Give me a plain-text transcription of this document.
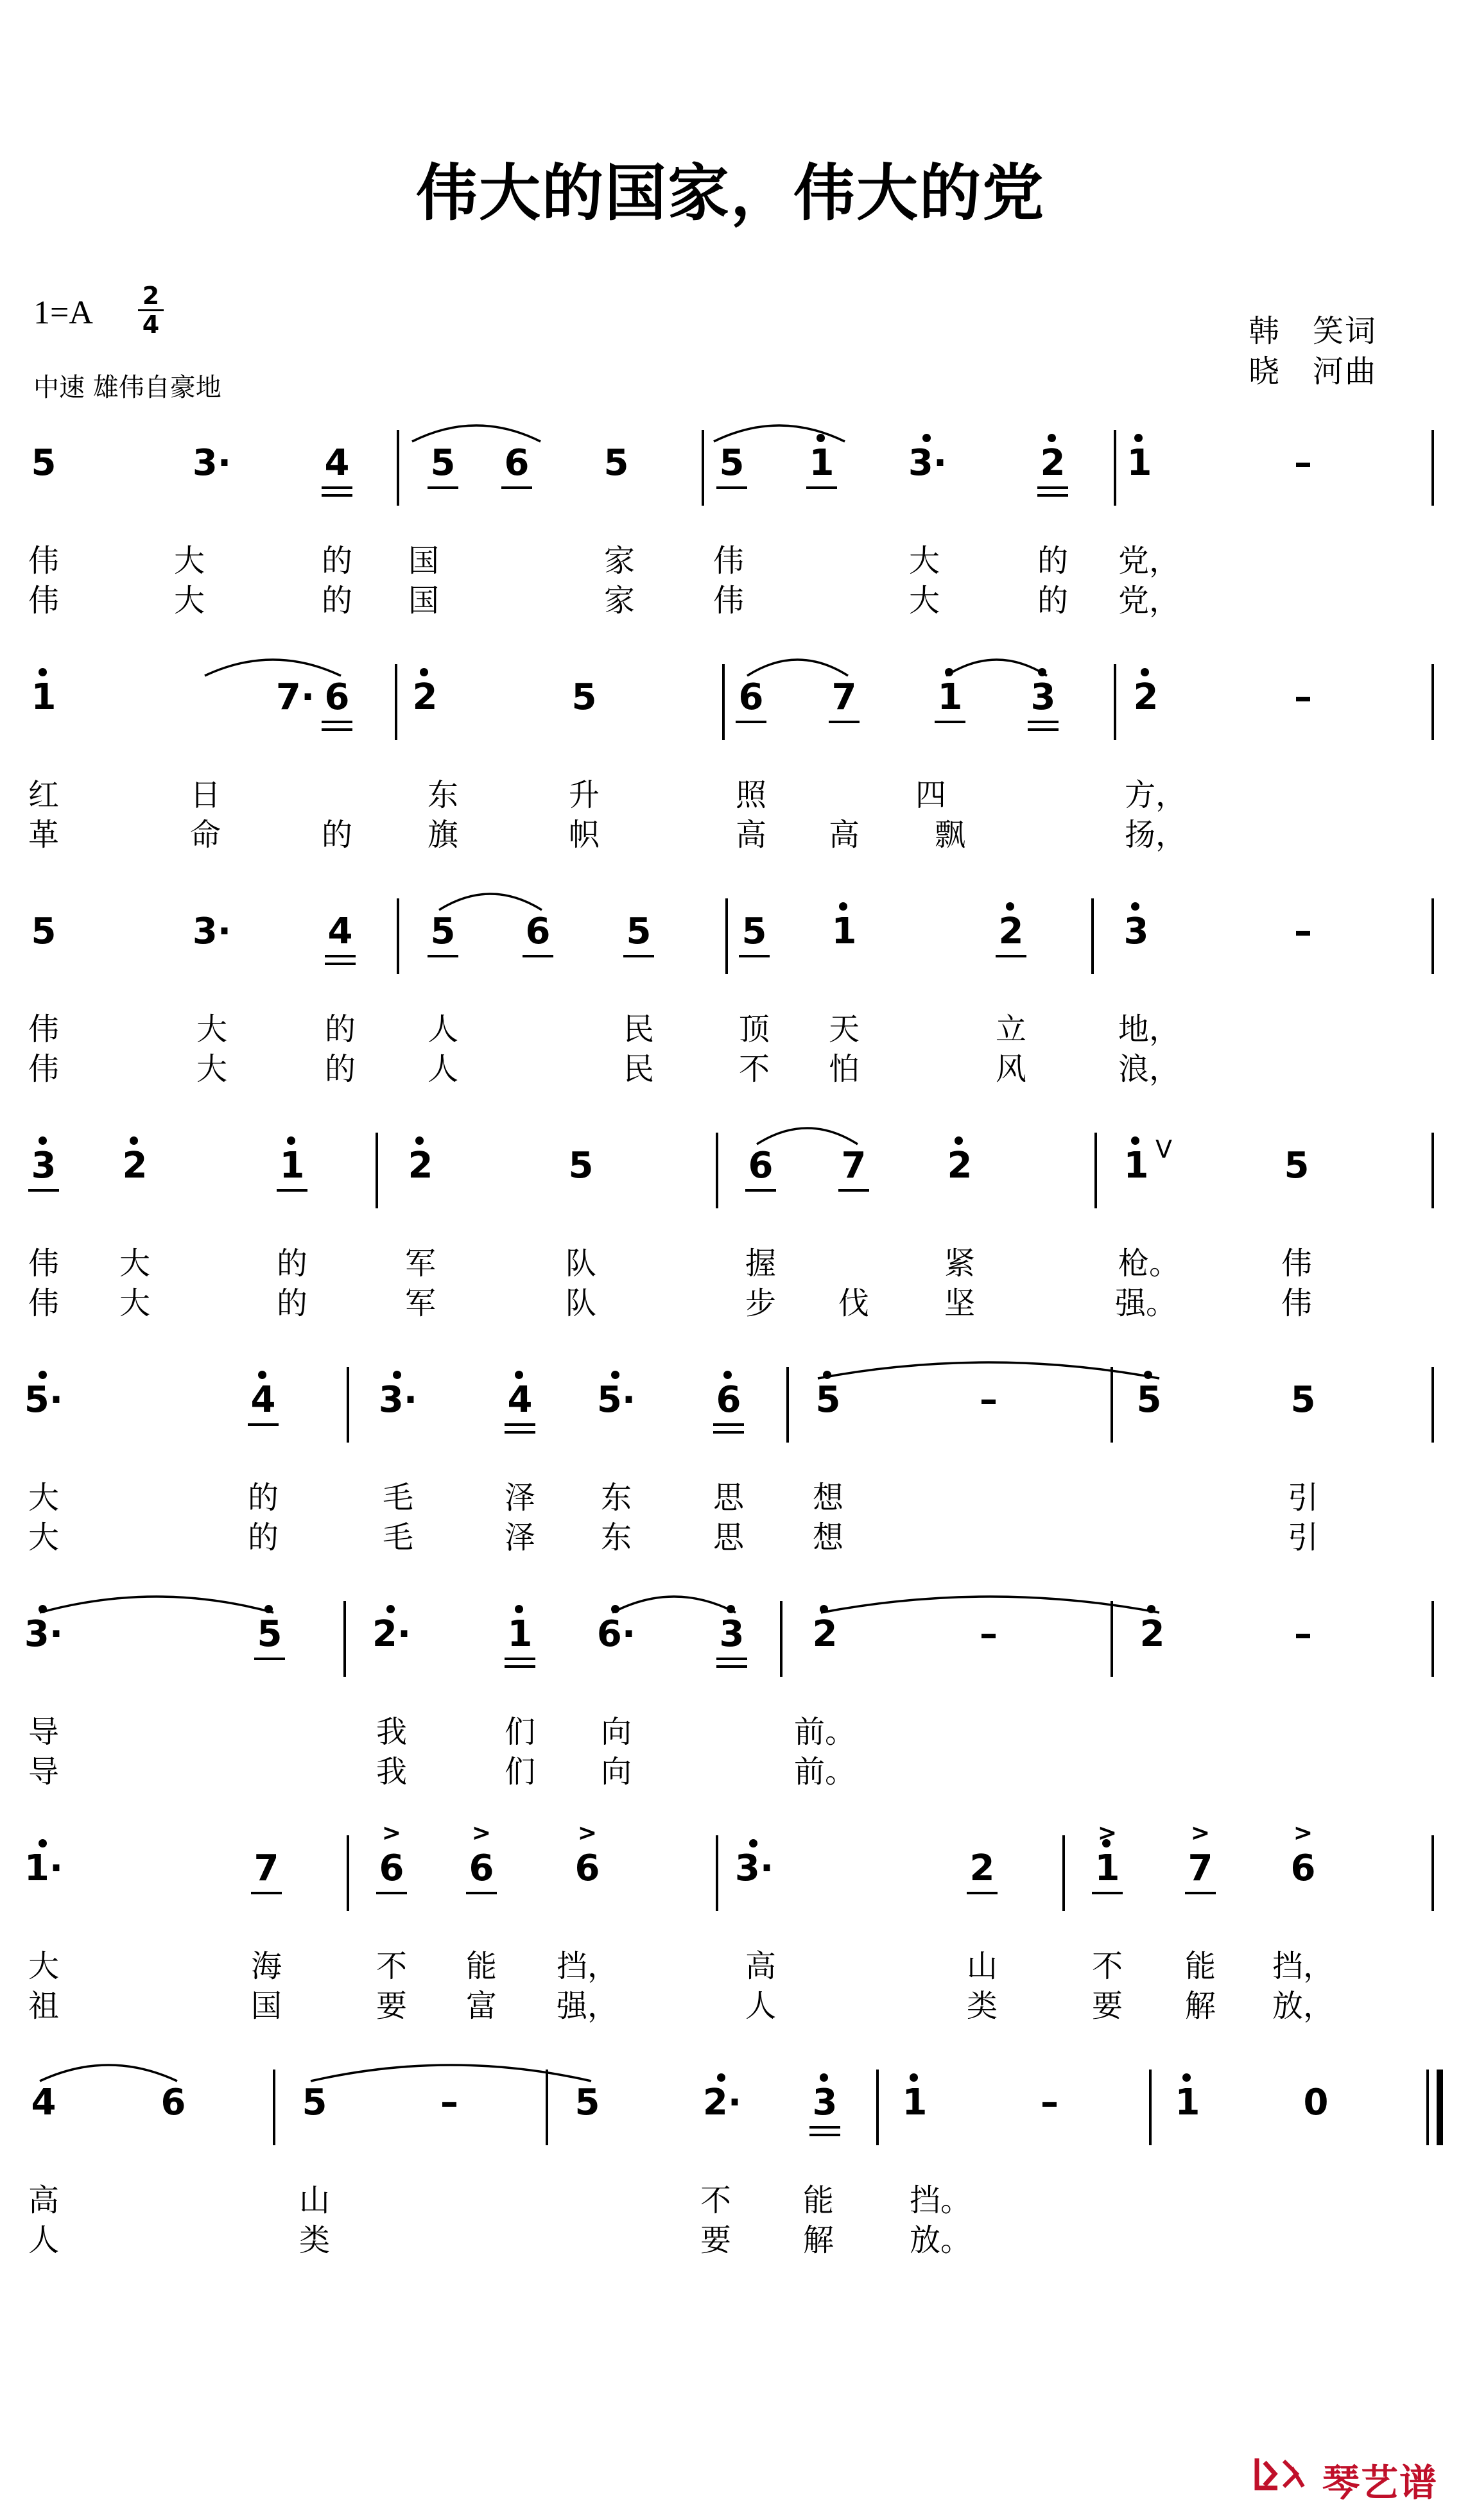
伟大的国家，伟大的党
$1=A \frac{2}{4}$
中速 雄伟自豪地
韩　笑词
晓　河曲
5	3·	4	5	6	5	5	1	3·	2	1	–
伟	大	的	国	家	伟	大	的	党，
伟	大	的	国	家	伟	大	的	党，
1	7· 6	2	5	6	7	1	3	2	–
红	日	东	升	照	四	方，
革	命	的	旗	帜	高	高	飘	扬，
5	3·	4	5	6	5	5	1	2	3	–
伟	大	的	人	民	顶	天	立	地，
伟	大	的	人	民	不	怕	风	浪，
3	2	1	2	5	6	7	2	1	5
V
伟	大	的	军	队	握	紧	枪。	伟
伟	大	的	军	队	步	伐	坚	强。	伟
5·	4	3·	4	5·	6	5	–	5	5
大	的	毛	泽	东	思	想	引
大	的	毛	泽	东	思	想	引
3·	5	2·	1	6·	3	2	–	2	–
导	我	们	向	前。
导	我	们	向	前。
1·	7	6
>
6
>
6
>
3·	2	1
>
7
>
6
>
大	海	不	能	挡，	高	山	不	能	挡，
祖	国	要	富	强，	人	类	要	解	放，
4	6	5	–	5	2·	3	1	–	1	0
高	山	不	能	挡。
人	类	要	解	放。
琴艺谱
